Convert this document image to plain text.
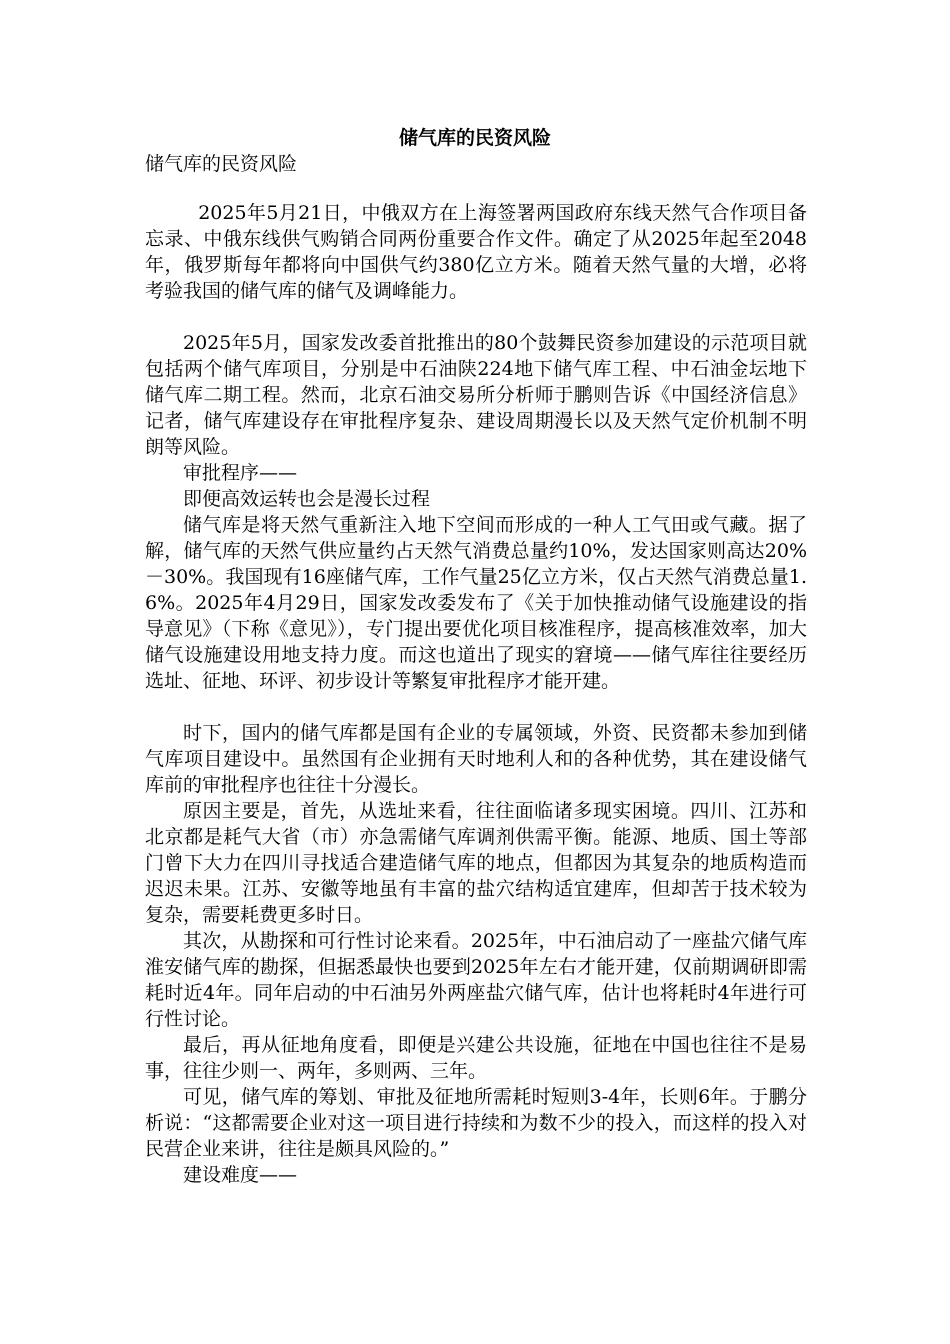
储气库的民资风险
储气库的民资风险

2025年5月21日，中俄双方在上海签署两国政府东线天然气合作项目备忘录、中俄东线供气购销合同两份重要合作文件。确定了从2025年起至2048年，俄罗斯每年都将向中国供气约380亿立方米。随着天然气量的大增，必将考验我国的储气库的储气及调峰能力。

2025年5月，国家发改委首批推出的80个鼓舞民资参加建设的示范项目就包括两个储气库项目，分别是中石油陕224地下储气库工程、中石油金坛地下储气库二期工程。然而，北京石油交易所分析师于鹏则告诉《中国经济信息》记者，储气库建设存在审批程序复杂、建设周期漫长以及天然气定价机制不明朗等风险。

审批程序——

即便高效运转也会是漫长过程

储气库是将天然气重新注入地下空间而形成的一种人工气田或气藏。据了解，储气库的天然气供应量约占天然气消费总量约10%，发达国家则高达20%－30%。我国现有16座储气库，工作气量25亿立方米，仅占天然气消费总量1.6%。2025年4月29日，国家发改委发布了《关于加快推动储气设施建设的指导意见》（下称《意见》），专门提出要优化项目核准程序，提高核准效率，加大储气设施建设用地支持力度。而这也道出了现实的窘境——储气库往往要经历选址、征地、环评、初步设计等繁复审批程序才能开建。

时下，国内的储气库都是国有企业的专属领域，外资、民资都未参加到储气库项目建设中。虽然国有企业拥有天时地利人和的各种优势，其在建设储气库前的审批程序也往往十分漫长。

原因主要是，首先，从选址来看，往往面临诸多现实困境。四川、江苏和北京都是耗气大省（市）亦急需储气库调剂供需平衡。能源、地质、国土等部门曾下大力在四川寻找适合建造储气库的地点，但都因为其复杂的地质构造而迟迟未果。江苏、安徽等地虽有丰富的盐穴结构适宜建库，但却苦于技术较为复杂，需要耗费更多时日。

其次，从勘探和可行性讨论来看。2025年，中石油启动了一座盐穴储气库淮安储气库的勘探，但据悉最快也要到2025年左右才能开建，仅前期调研即需耗时近4年。同年启动的中石油另外两座盐穴储气库，估计也将耗时4年进行可行性讨论。

最后，再从征地角度看，即便是兴建公共设施，征地在中国也往往不是易事，往往少则一、两年，多则两、三年。

可见，储气库的筹划、审批及征地所需耗时短则3-4年，长则6年。于鹏分析说：“这都需要企业对这一项目进行持续和为数不少的投入，而这样的投入对民营企业来讲，往往是颇具风险的。”

建设难度——
